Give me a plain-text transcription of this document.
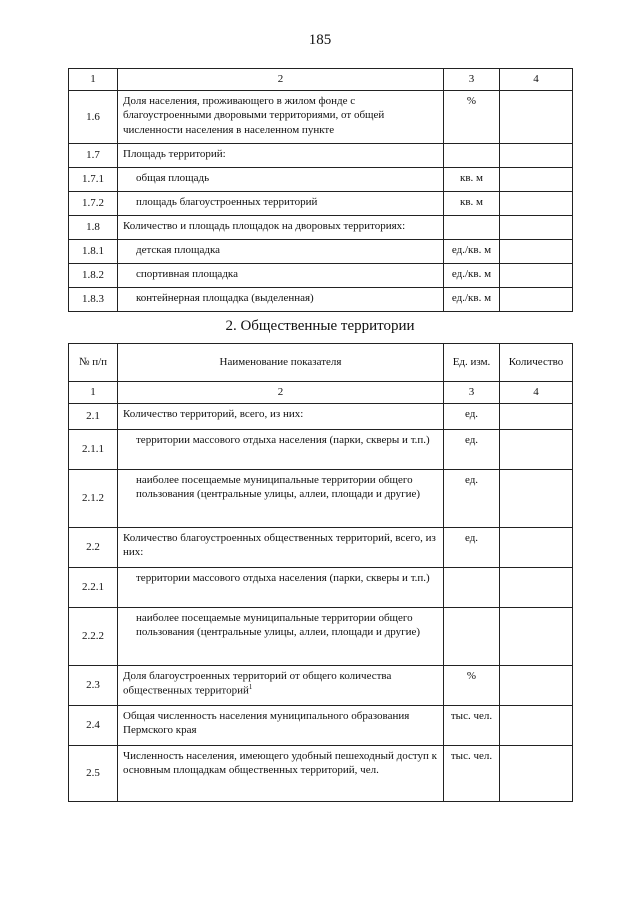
185
1	2	3	4
1.6	Доля населения, проживающего в жилом фонде с благоустроенными дворовыми территориями, от общей численности населения в населенном пункте	%	
1.7	Площадь территорий:		
1.7.1	общая площадь	кв. м	
1.7.2	площадь благоустроенных территорий	кв. м	
1.8	Количество и площадь площадок на дворовых территориях:		
1.8.1	детская площадка	ед./кв. м	
1.8.2	спортивная площадка	ед./кв. м	
1.8.3	контейнерная площадка (выделенная)	ед./кв. м	
2. Общественные территории
№ п/п	Наименование показателя	Ед. изм.	Количество
1	2	3	4
2.1	Количество территорий, всего, из них:	ед.	
2.1.1	территории массового отдыха населения (парки, скверы и т.п.)	ед.	
2.1.2	наиболее посещаемые муниципальные территории общего пользования (центральные улицы, аллеи, площади и другие)	ед.	
2.2	Количество благоустроенных общественных территорий, всего, из них:	ед.	
2.2.1	территории массового отдыха населения (парки, скверы и т.п.)		
2.2.2	наиболее посещаемые муниципальные территории общего пользования (центральные улицы, аллеи, площади и другие)		
2.3	Доля благоустроенных территорий от общего количества общественных территорий$^1$	%	
2.4	Общая численность населения муниципального образования Пермского края	тыс. чел.	
2.5	Численность населения, имеющего удобный пешеходный доступ к основным площадкам общественных территорий, чел.	тыс. чел.	
